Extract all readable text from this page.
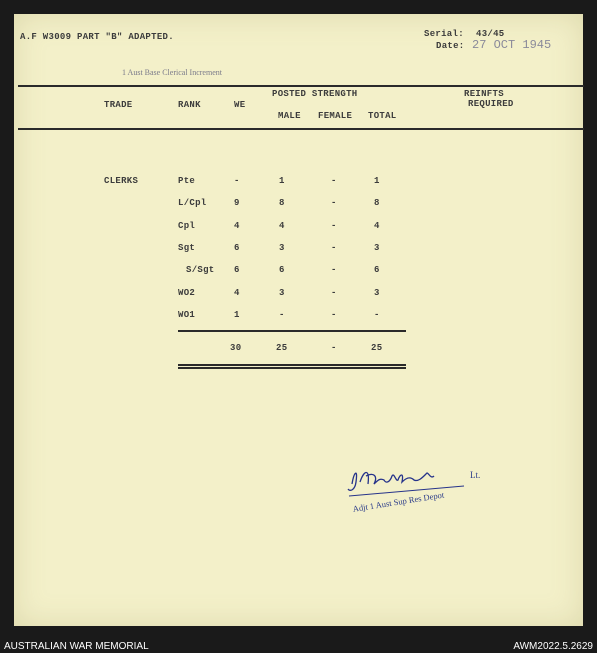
A.F W3009 PART "B" ADAPTED.	Serial: 43/45
Date: 27 OCT 1945
1 Aust Base Clerical Increment
TRADE	RANK	WE
POSTED STRENGTH
MALE FEMALE TOTAL
REINFTS
REQUIRED
CLERKS	Pte	-	1	-	1
L/Cpl	9	8	-	8
Cpl	4	4	-	4
Sgt	6	3	-	3
S/Sgt 6	6	-	6
WO2	4	3	-	3
WO1	1	-	-	-
30	25	-	25
Lt.
Adjt 1 Aust Sup Res Depot
AUSTRALIAN WAR MEMORIAL	AWM2022.5.2629
